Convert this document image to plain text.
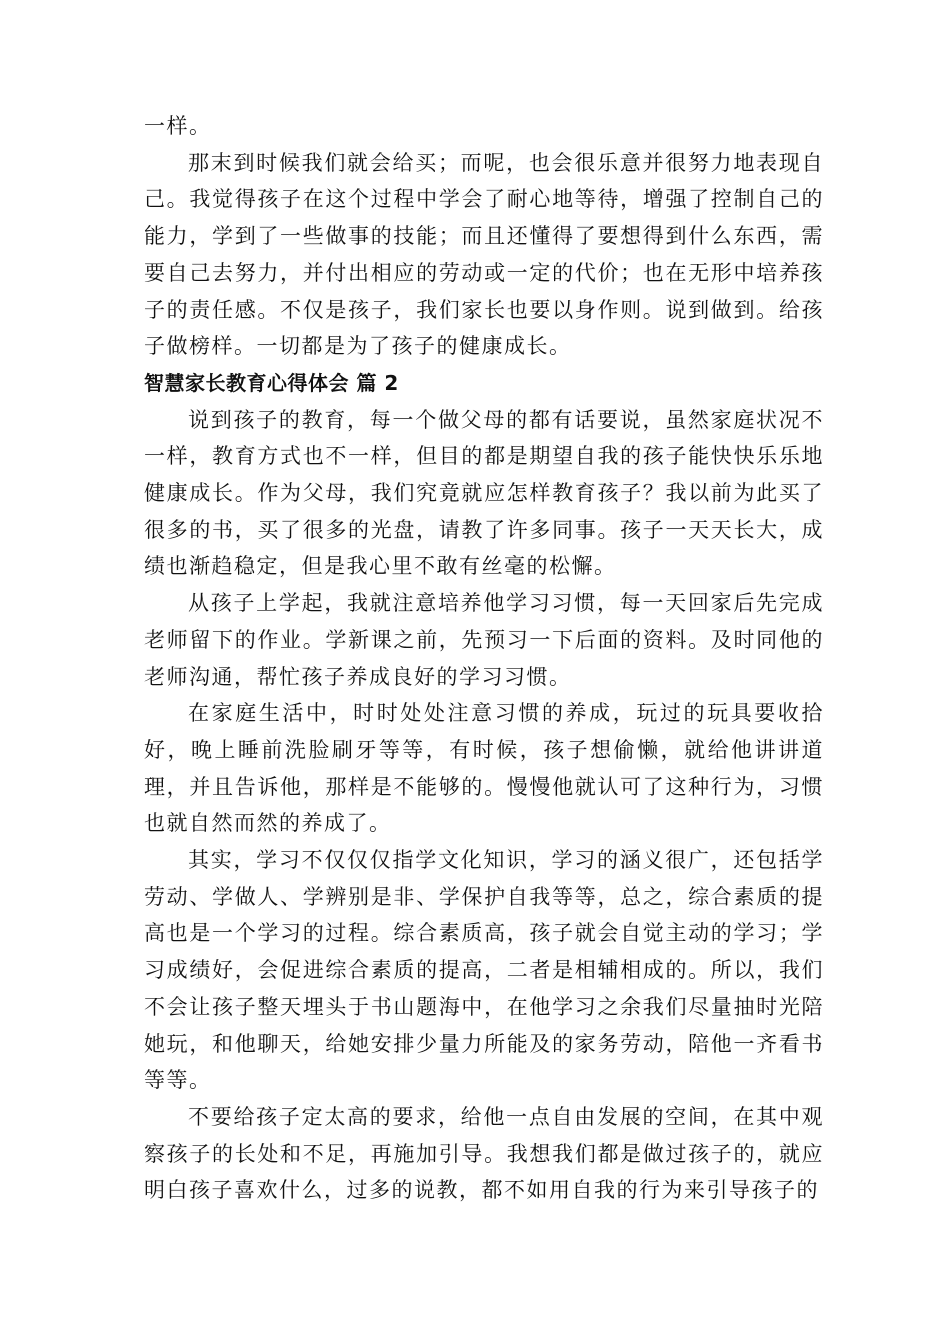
一样。

那末到时候我们就会给买；而呢，也会很乐意并很努力地表现自己。我觉得孩子在这个过程中学会了耐心地等待，增强了控制自己的能力，学到了一些做事的技能；而且还懂得了要想得到什么东西，需要自己去努力，并付出相应的劳动或一定的代价；也在无形中培养孩子的责任感。不仅是孩子，我们家长也要以身作则。说到做到。给孩子做榜样。一切都是为了孩子的健康成长。

智慧家长教育心得体会 篇 2

说到孩子的教育，每一个做父母的都有话要说，虽然家庭状况不一样，教育方式也不一样，但目的都是期望自我的孩子能快快乐乐地健康成长。作为父母，我们究竟就应怎样教育孩子？我以前为此买了很多的书，买了很多的光盘，请教了许多同事。孩子一天天长大，成绩也渐趋稳定，但是我心里不敢有丝毫的松懈。

从孩子上学起，我就注意培养他学习习惯，每一天回家后先完成老师留下的作业。学新课之前，先预习一下后面的资料。及时同他的老师沟通，帮忙孩子养成良好的学习习惯。

在家庭生活中，时时处处注意习惯的养成，玩过的玩具要收拾好，晚上睡前洗脸刷牙等等，有时候，孩子想偷懒，就给他讲讲道理，并且告诉他，那样是不能够的。慢慢他就认可了这种行为，习惯也就自然而然的养成了。

其实，学习不仅仅仅指学文化知识，学习的涵义很广，还包括学劳动、学做人、学辨别是非、学保护自我等等，总之，综合素质的提高也是一个学习的过程。综合素质高，孩子就会自觉主动的学习；学习成绩好，会促进综合素质的提高，二者是相辅相成的。所以，我们不会让孩子整天埋头于书山题海中，在他学习之余我们尽量抽时光陪她玩，和他聊天，给她安排少量力所能及的家务劳动，陪他一齐看书等等。

不要给孩子定太高的要求，给他一点自由发展的空间，在其中观察孩子的长处和不足，再施加引导。我想我们都是做过孩子的，就应明白孩子喜欢什么，过多的说教，都不如用自我的行为来引导孩子的
